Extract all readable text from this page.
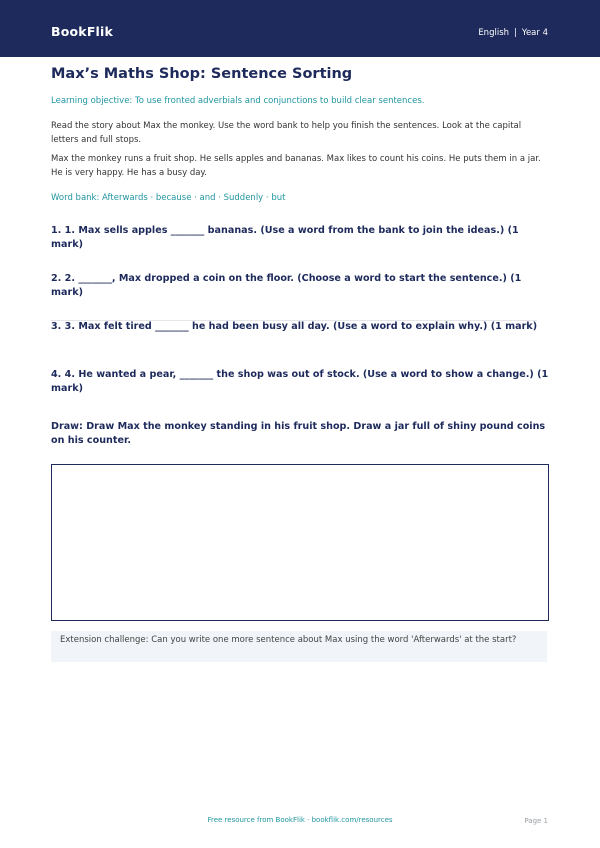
BookFlik	English | Year 4
Max’s Maths Shop: Sentence Sorting
Learning objective: To use fronted adverbials and conjunctions to build clear sentences.

Read the story about Max the monkey. Use the word bank to help you finish the sentences. Look at the capital letters and full stops.

Max the monkey runs a fruit shop. He sells apples and bananas. Max likes to count his coins. He puts them in a jar. He is very happy. He has a busy day.

Word bank: Afterwards · because · and · Suddenly · but

1. 1. Max sells apples _______ bananas. (Use a word from the bank to join the ideas.) (1 mark)

2. 2. _______, Max dropped a coin on the floor. (Choose a word to start the sentence.) (1 mark)

3. 3. Max felt tired _______ he had been busy all day. (Use a word to explain why.) (1 mark)

4. 4. He wanted a pear, _______ the shop was out of stock. (Use a word to show a change.) (1 mark)

Draw: Draw Max the monkey standing in his fruit shop. Draw a jar full of shiny pound coins on his counter.

Extension challenge: Can you write one more sentence about Max using the word 'Afterwards' at the start?
Free resource from BookFlik · bookflik.com/resources	Page 1
